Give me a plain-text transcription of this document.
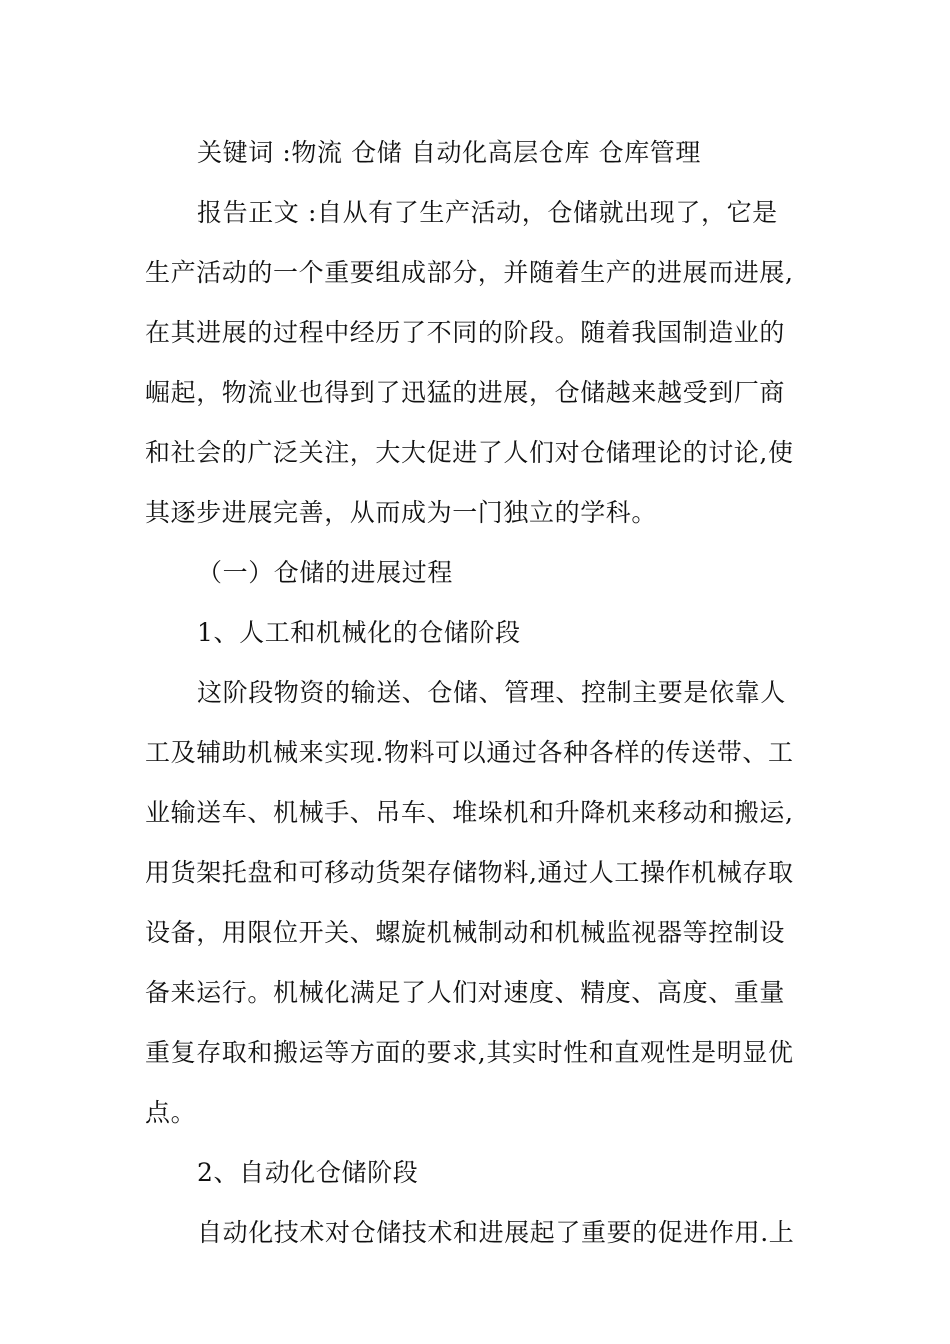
关键词 :物流 仓储 自动化高层仓库 仓库管理
报告正文 :自从有了生产活动，仓储就出现了，它是
生产活动的一个重要组成部分，并随着生产的进展而进展,
在其进展的过程中经历了不同的阶段。随着我国制造业的
崛起，物流业也得到了迅猛的进展，仓储越来越受到厂商
和社会的广泛关注，大大促进了人们对仓储理论的讨论,使
其逐步进展完善，从而成为一门独立的学科。
（一）仓储的进展过程
1、人工和机械化的仓储阶段
这阶段物资的输送、仓储、管理、控制主要是依靠人
工及辅助机械来实现.物料可以通过各种各样的传送带、工
业输送车、机械手、吊车、堆垛机和升降机来移动和搬运,
用货架托盘和可移动货架存储物料,通过人工操作机械存取
设备，用限位开关、螺旋机械制动和机械监视器等控制设
备来运行。机械化满足了人们对速度、精度、高度、重量
重复存取和搬运等方面的要求,其实时性和直观性是明显优
点。
2、自动化仓储阶段
自动化技术对仓储技术和进展起了重要的促进作用.上
